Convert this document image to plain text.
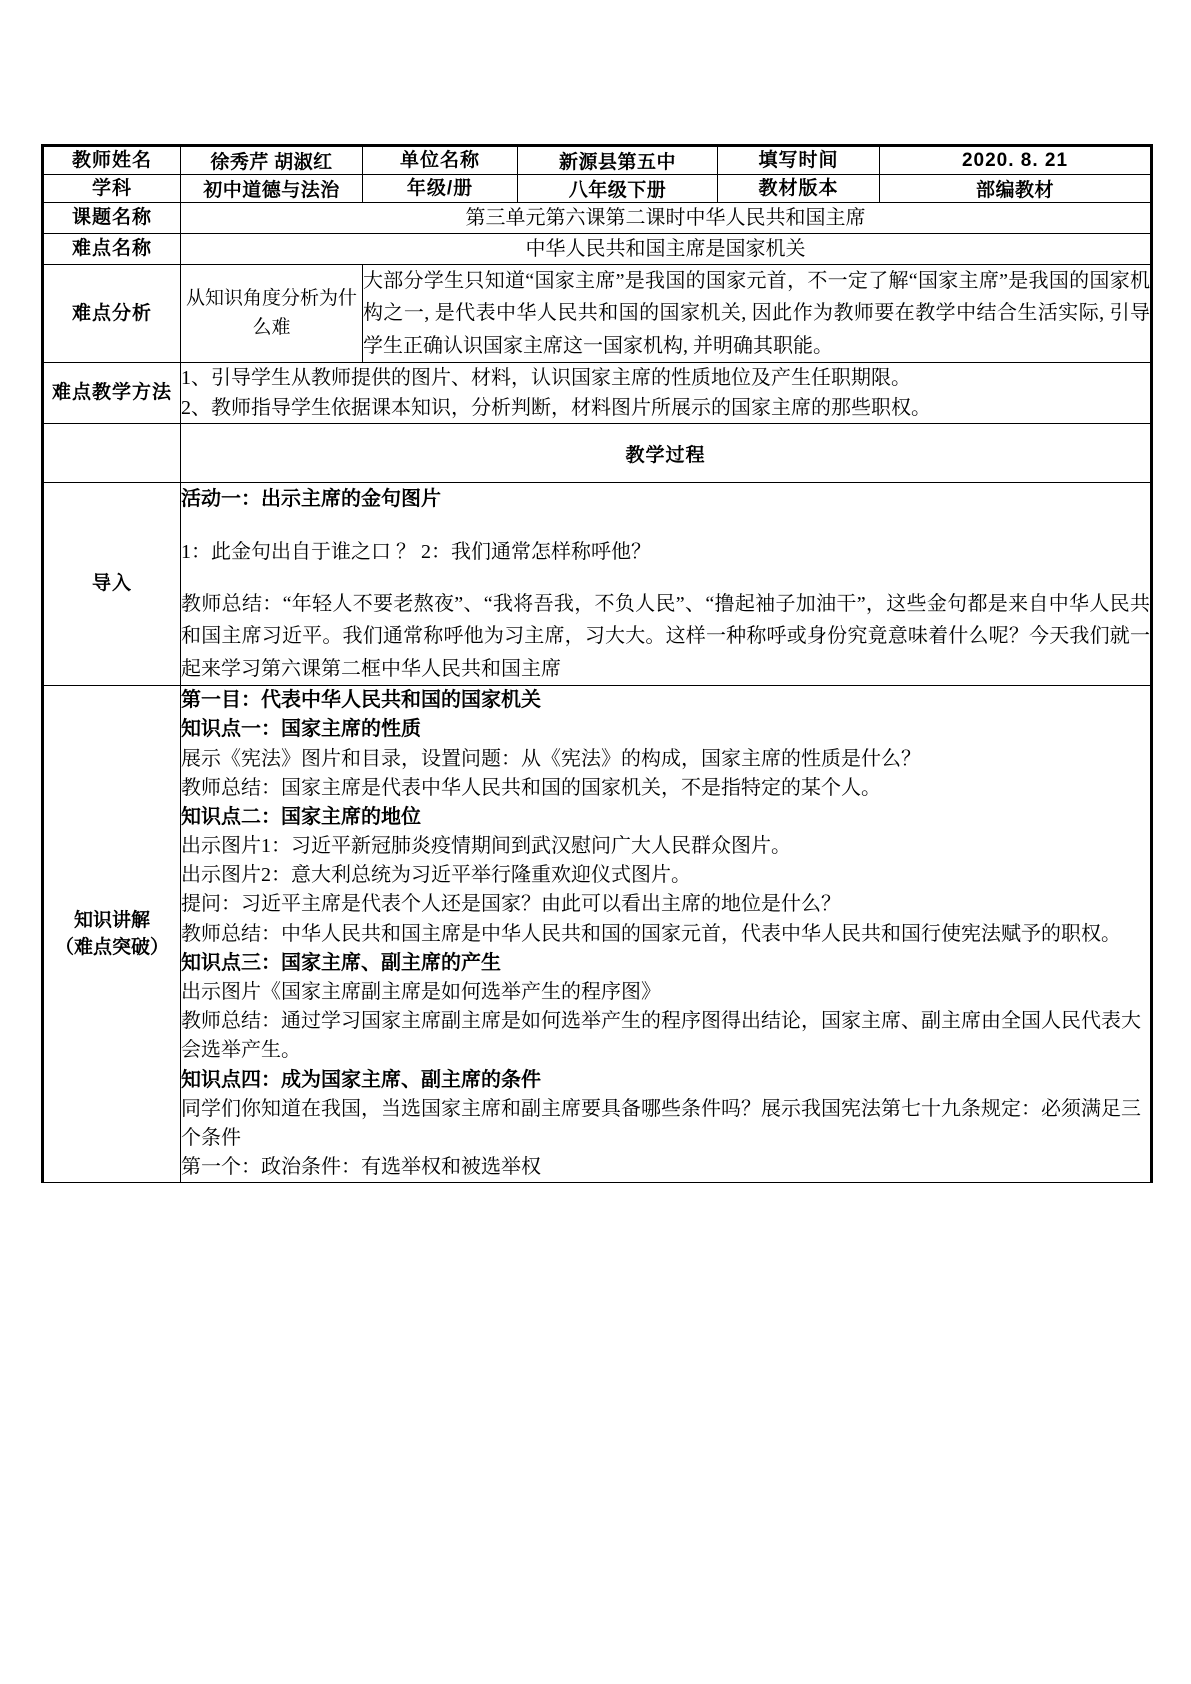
教师姓名	徐秀芹 胡淑红	单位名称	新源县第五中	填写时间	2020. 8. 21
学科	初中道德与法治	年级/册	八年级下册	教材版本	部编教材
课题名称	第三单元第六课第二课时中华人民共和国主席				
难点名称	中华人民共和国主席是国家机关				
难点分析	从知识角度分析为什么难	大部分学生只知道“国家主席”是我国的国家元首，不一定了解“国家主席”是我国的国家机构之一, 是代表中华人民共和国的国家机关, 因此作为教师要在教学中结合生活实际, 引导学生正确认识国家主席这一国家机构, 并明确其职能。			
难点教学方法	1、引导学生从教师提供的图片、材料，认识国家主席的性质地位及产生任职期限。
2、教师指导学生依据课本知识，分析判断，材料图片所展示的国家主席的那些职权。				

	教学过程				
导入	活动一：出示主席的金句图片

1：此金句出自于谁之口 ？ 2：我们通常怎样称呼他？

教师总结：“年轻人不要老熬夜”、“我将吾我，不负人民”、“撸起袖子加油干”，这些金句都是来自中华人民共和国主席习近平。我们通常称呼他为习主席，习大大。这样一种称呼或身份究竟意味着什么呢？今天我们就一起来学习第六课第二框中华人民共和国主席				

知识讲解
（难点突破）

第一目：代表中华人民共和国的国家机关
知识点一：国家主席的性质
展示《宪法》图片和目录，设置问题：从《宪法》的构成，国家主席的性质是什么？
教师总结：国家主席是代表中华人民共和国的国家机关，不是指特定的某个人。
知识点二：国家主席的地位
出示图片1：习近平新冠肺炎疫情期间到武汉慰问广大人民群众图片。
出示图片2：意大利总统为习近平举行隆重欢迎仪式图片。
提问：习近平主席是代表个人还是国家？由此可以看出主席的地位是什么？
教师总结：中华人民共和国主席是中华人民共和国的国家元首，代表中华人民共和国行使宪法赋予的职权。
知识点三：国家主席、副主席的产生
出示图片《国家主席副主席是如何选举产生的程序图》
教师总结：通过学习国家主席副主席是如何选举产生的程序图得出结论，国家主席、副主席由全国人民代表大会选举产生。
知识点四：成为国家主席、副主席的条件
同学们你知道在我国，当选国家主席和副主席要具备哪些条件吗？展示我国宪法第七十九条规定：必须满足三个条件
第一个：政治条件：有选举权和被选举权
